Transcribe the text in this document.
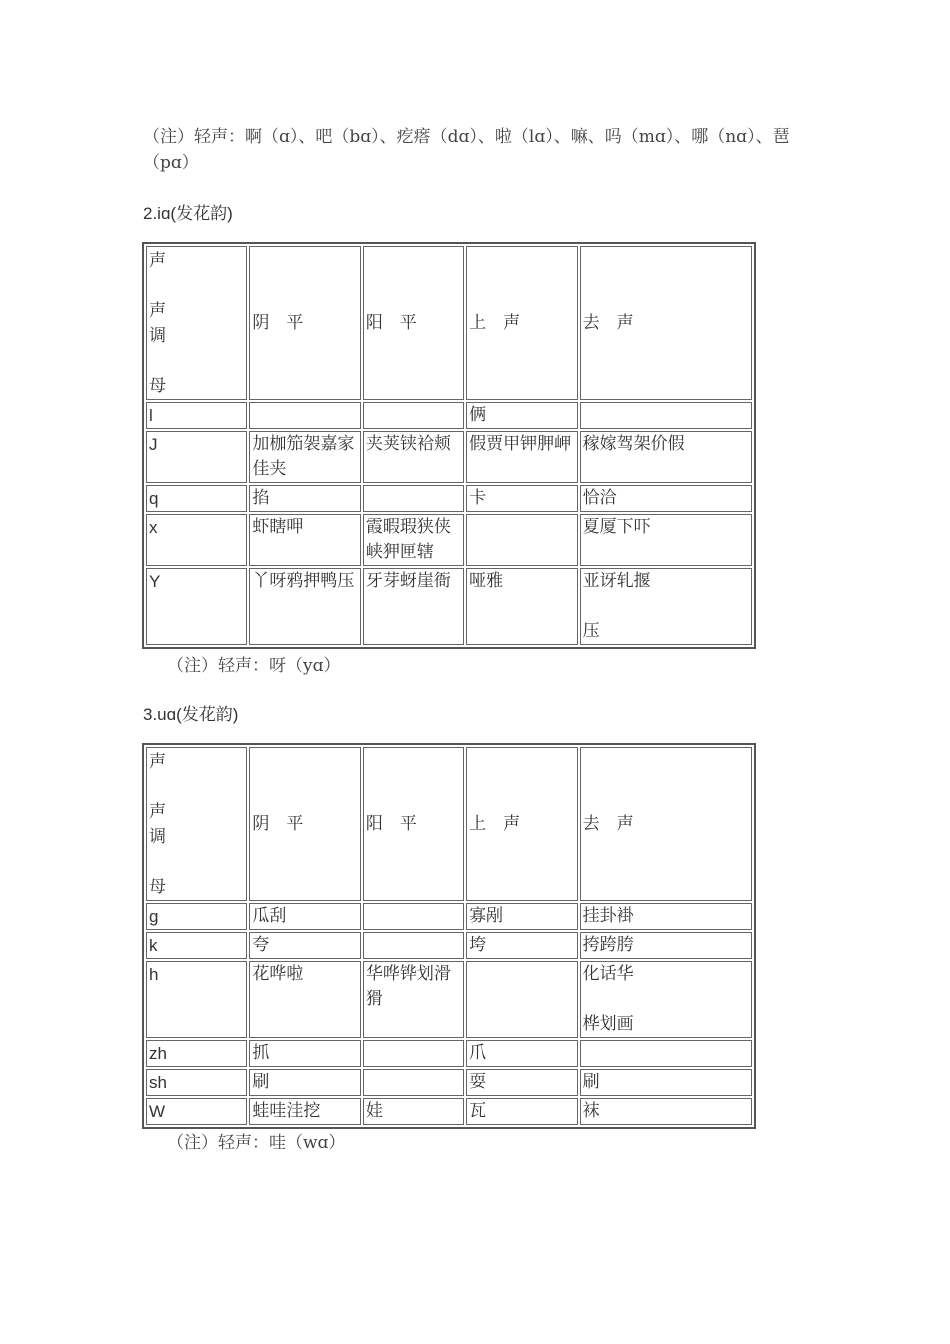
（注）轻声：啊（ɑ）、吧（bɑ）、疙瘩（dɑ）、啦（lɑ）、嘛、吗（mɑ）、哪（nɑ）、琶（pɑ）
2.iɑ(发花韵)
声

声
调

母	阴　平	阳　平	上　声	去　声
l			俩	
J	加枷笳袈嘉家佳夹	夹荚铗袷颊	假贾甲钾胛岬	稼嫁驾架价假
q	掐		卡	恰洽
x	虾瞎呷	霞暇瑕狭侠峡狎匣辖		夏厦下吓
Y	丫呀鸦押鸭压	牙芽蚜崖衙	哑雅	亚讶轧揠

压
（注）轻声：呀（yɑ）
3.uɑ(发花韵)
声

声
调

母	阴　平	阳　平	上　声	去　声
g	瓜刮		寡剐	挂卦褂
k	夸		垮	挎跨胯
h	花哗啦	华哗铧划滑猾		化话华

桦划画
zh	抓		爪	
sh	刷		耍	刷
W	蛙哇洼挖	娃	瓦	袜
（注）轻声：哇（wɑ）
